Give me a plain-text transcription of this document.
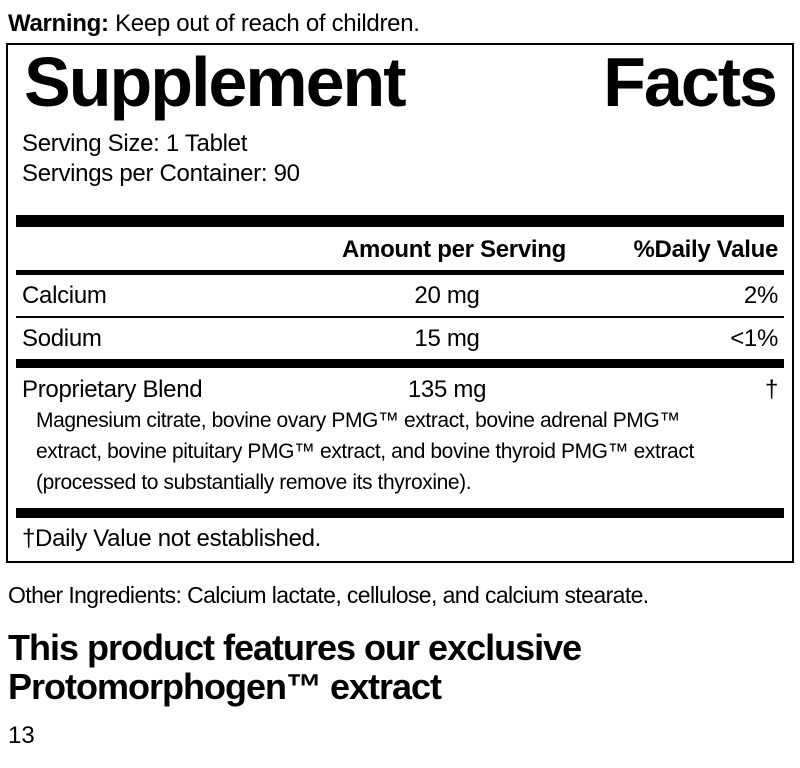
Warning: Keep out of reach of children.

Supplement	Facts
Serving Size: 1 Tablet
Servings per Container: 90
Amount per Serving	%Daily Value
Calcium	20 mg	2%
Sodium	15 mg	<1%
Proprietary Blend	135 mg	†
Magnesium citrate, bovine ovary PMG™ extract, bovine adrenal PMG™
extract, bovine pituitary PMG™ extract, and bovine thyroid PMG™ extract
(processed to substantially remove its thyroxine).
†Daily Value not established.

Other Ingredients: Calcium lactate, cellulose, and calcium stearate.

This product features our exclusive
Protomorphogen™ extract

13
